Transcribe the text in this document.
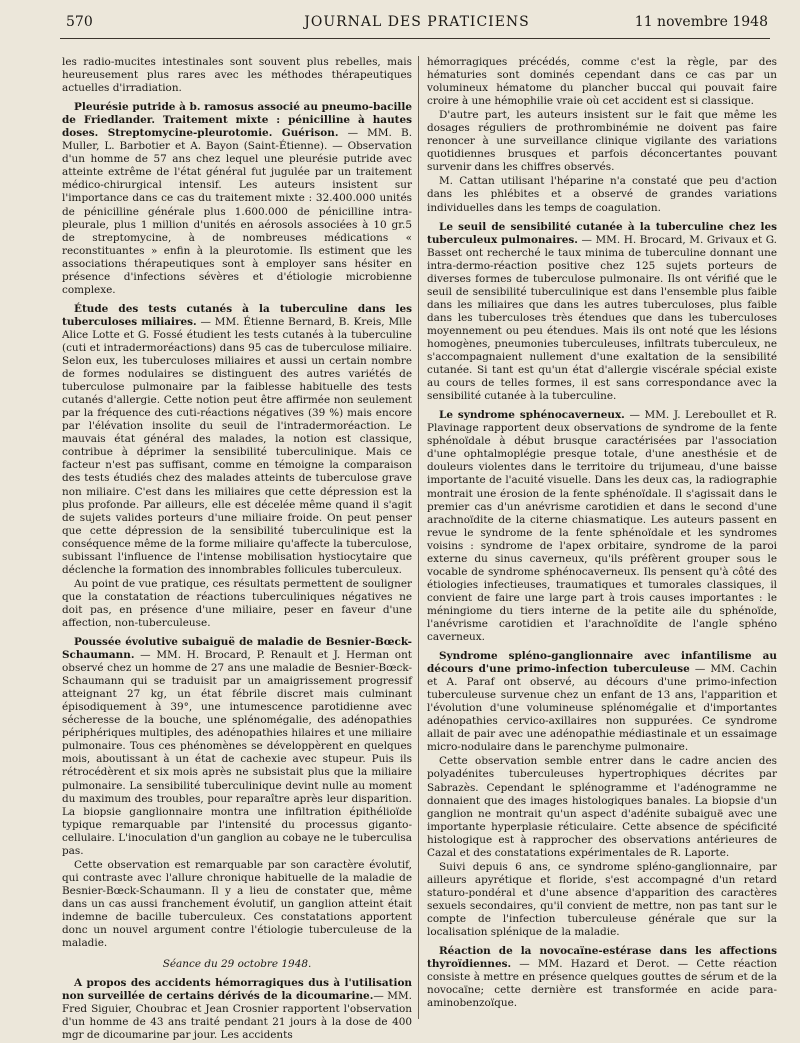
570	JOURNAL DES PRATICIENS	11 novembre 1948

les radio-mucites intestinales sont souvent plus rebelles, mais heureusement plus rares avec les méthodes thérapeutiques actuelles d'irradiation.

Pleurésie putride à b. ramosus associé au pneumo-bacille de Friedlander. Traitement mixte : pénicilline à hautes doses. Streptomycine-pleurotomie. Guérison. — MM. B. Muller, L. Barbotier et A. Bayon (Saint-Étienne). — Observation d'un homme de 57 ans chez lequel une pleurésie putride avec atteinte extrême de l'état général fut jugulée par un traitement médico-chirurgical intensif. Les auteurs insistent sur l'importance dans ce cas du traitement mixte : 32.400.000 unités de pénicilline générale plus 1.600.000 de pénicilline intra-pleurale, plus 1 million d'unités en aérosols associées à 10 gr.5 de streptomycine, à de nombreuses médications « reconstituantes » enfin à la pleurotomie. Ils estiment que les associations thérapeutiques sont à employer sans hésiter en présence d'infections sévères et d'étiologie microbienne complexe.

Étude des tests cutanés à la tuberculine dans les tuberculoses miliaires. — MM. Étienne Bernard, B. Kreis, Mlle Alice Lotte et G. Fossé étudient les tests cutanés à la tuberculine (cuti et intradermoréactions) dans 95 cas de tuberculose miliaire. Selon eux, les tuberculoses miliaires et aussi un certain nombre de formes nodulaires se distinguent des autres variétés de tuberculose pulmonaire par la faiblesse habituelle des tests cutanés d'allergie. Cette notion peut être affirmée non seulement par la fréquence des cuti-réactions négatives (39 %) mais encore par l'élévation insolite du seuil de l'intradermoréaction. Le mauvais état général des malades, la notion est classique, contribue à déprimer la sensibilité tuberculinique. Mais ce facteur n'est pas suffisant, comme en témoigne la comparaison des tests étudiés chez des malades atteints de tuberculose grave non miliaire. C'est dans les miliaires que cette dépression est la plus profonde. Par ailleurs, elle est décelée même quand il s'agit de sujets valides porteurs d'une miliaire froide. On peut penser que cette dépression de la sensibilité tuberculinique est la conséquence même de la forme miliaire qu'affecte la tuberculose, subissant l'influence de l'intense mobilisation hystiocytaire que déclenche la formation des innombrables follicules tuberculeux.

Au point de vue pratique, ces résultats permettent de souligner que la constatation de réactions tuberculiniques négatives ne doit pas, en présence d'une miliaire, peser en faveur d'une affection, non-tuberculeuse.

Poussée évolutive subaiguë de maladie de Besnier-Bœck-Schaumann. — MM. H. Brocard, P. Renault et J. Herman ont observé chez un homme de 27 ans une maladie de Besnier-Bœck-Schaumann qui se traduisit par un amaigrissement progressif atteignant 27 kg, un état fébrile discret mais culminant épisodiquement à 39°, une intumescence parotidienne avec sécheresse de la bouche, une splénomégalie, des adénopathies périphériques multiples, des adénopathies hilaires et une miliaire pulmonaire. Tous ces phénomènes se développèrent en quelques mois, aboutissant à un état de cachexie avec stupeur. Puis ils rétrocédèrent et six mois après ne subsistait plus que la miliaire pulmonaire. La sensibilité tuberculinique devint nulle au moment du maximum des troubles, pour reparaître après leur disparition. La biopsie ganglionnaire montra une infiltration épithélioïde typique remarquable par l'intensité du processus giganto-cellulaire. L'inoculation d'un ganglion au cobaye ne le tuberculisa pas.

Cette observation est remarquable par son caractère évolutif, qui contraste avec l'allure chronique habituelle de la maladie de Besnier-Bœck-Schaumann. Il y a lieu de constater que, même dans un cas aussi franchement évolutif, un ganglion atteint était indemne de bacille tuberculeux. Ces constatations apportent donc un nouvel argument contre l'étiologie tuberculeuse de la maladie.

Séance du 29 octobre 1948.

A propos des accidents hémorragiques dus à l'utilisation non surveillée de certains dérivés de la dicoumarine.— MM. Fred Siguier, Choubrac et Jean Crosnier rapportent l'observation d'un homme de 43 ans traité pendant 21 jours à la dose de 400 mgr de dicoumarine par jour. Les accidents

hémorragiques précédés, comme c'est la règle, par des hématuries sont dominés cependant dans ce cas par un volumineux hématome du plancher buccal qui pouvait faire croire à une hémophilie vraie où cet accident est si classique.

D'autre part, les auteurs insistent sur le fait que même les dosages réguliers de prothrombinémie ne doivent pas faire renoncer à une surveillance clinique vigilante des variations quotidiennes brusques et parfois déconcertantes pouvant survenir dans les chiffres observés.

M. Cattan utilisant l'héparine n'a constaté que peu d'action dans les phlébites et a observé de grandes variations individuelles dans les temps de coagulation.

Le seuil de sensibilité cutanée à la tuberculine chez les tuberculeux pulmonaires. — MM. H. Brocard, M. Grivaux et G. Basset ont recherché le taux minima de tuberculine donnant une intra-dermo-réaction positive chez 125 sujets porteurs de diverses formes de tuberculose pulmonaire. Ils ont vérifié que le seuil de sensibilité tuberculinique est dans l'ensemble plus faible dans les miliaires que dans les autres tuberculoses, plus faible dans les tuberculoses très étendues que dans les tuberculoses moyennement ou peu étendues. Mais ils ont noté que les lésions homogènes, pneumonies tuberculeuses, infiltrats tuberculeux, ne s'accompagnaient nullement d'une exaltation de la sensibilité cutanée. Si tant est qu'un état d'allergie viscérale spécial existe au cours de telles formes, il est sans correspondance avec la sensibilité cutanée à la tuberculine.

Le syndrome sphénocaverneux. — MM. J. Lereboullet et R. Plavinage rapportent deux observations de syndrome de la fente sphénoïdale à début brusque caractérisées par l'association d'une ophtalmoplégie presque totale, d'une anesthésie et de douleurs violentes dans le territoire du trijumeau, d'une baisse importante de l'acuité visuelle. Dans les deux cas, la radiographie montrait une érosion de la fente sphénoïdale. Il s'agissait dans le premier cas d'un anévrisme carotidien et dans le second d'une arachnoïdite de la citerne chiasmatique. Les auteurs passent en revue le syndrome de la fente sphénoïdale et les syndromes voisins : syndrome de l'apex orbitaire, syndrome de la paroi externe du sinus caverneux, qu'ils préfèrent grouper sous le vocable de syndrome sphénocaverneux. Ils pensent qu'à côté des étiologies infectieuses, traumatiques et tumorales classiques, il convient de faire une large part à trois causes importantes : le méningiome du tiers interne de la petite aile du sphénoïde, l'anévrisme carotidien et l'arachnoïdite de l'angle sphéno caverneux.

Syndrome spléno-ganglionnaire avec infantilisme au décours d'une primo-infection tuberculeuse — MM. Cachin et A. Paraf ont observé, au décours d'une primo-infection tuberculeuse survenue chez un enfant de 13 ans, l'apparition et l'évolution d'une volumineuse splénomégalie et d'importantes adénopathies cervico-axillaires non suppurées. Ce syndrome allait de pair avec une adénopathie médiastinale et un essaimage micro-nodulaire dans le parenchyme pulmonaire.

Cette observation semble entrer dans le cadre ancien des polyadénites tuberculeuses hypertrophiques décrites par Sabrazès. Cependant le splénogramme et l'adénogramme ne donnaient que des images histologiques banales. La biopsie d'un ganglion ne montrait qu'un aspect d'adénite subaiguë avec une importante hyperplasie réticulaire. Cette absence de spécificité histologique est à rapprocher des observations antérieures de Cazal et des constatations expérimentales de R. Laporte.

Suivi depuis 6 ans, ce syndrome spléno-ganglionnaire, par ailleurs apyrétique et floride, s'est accompagné d'un retard staturo-pondéral et d'une absence d'apparition des caractères sexuels secondaires, qu'il convient de mettre, non pas tant sur le compte de l'infection tuberculeuse générale que sur la localisation splénique de la maladie.

Réaction de la novocaïne-estérase dans les affections thyroïdiennes. — MM. Hazard et Derot. — Cette réaction consiste à mettre en présence quelques gouttes de sérum et de la novocaïne; cette dernière est transformée en acide para-aminobenzoïque.
